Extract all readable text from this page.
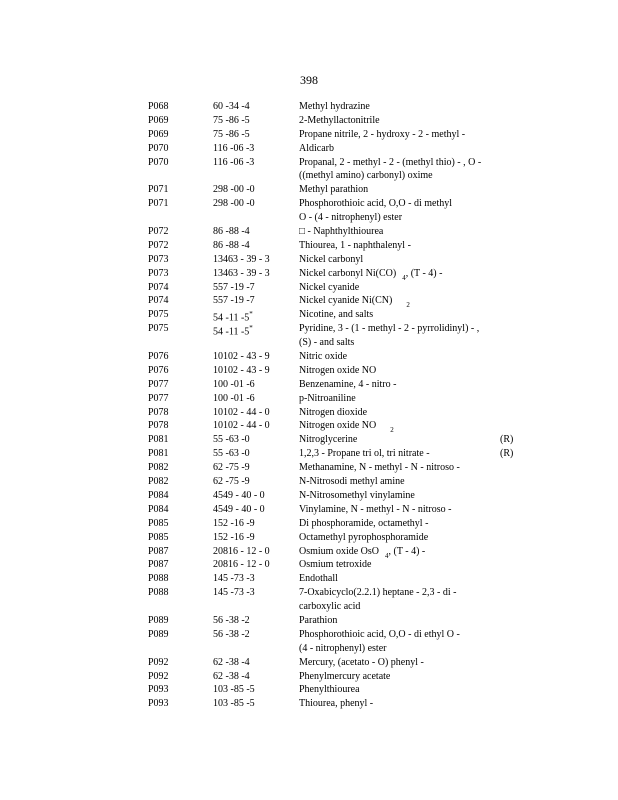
398
P068	60 -34 -4	Methyl hydrazine
P069	75 -86 -5	2-Methyllactonitrile
P069	75 -86 -5	Propane nitrile, 2 - hydroxy - 2 - methyl -
P070	116 -06 -3	Aldicarb
P070	116 -06 -3	Propanal, 2 - methyl - 2 - (methyl thio) - , O -
((methyl amino) carbonyl) oxime
P071	298 -00 -0	Methyl parathion
P071	298 -00 -0	Phosphorothioic acid, O,O - di methyl
O - (4 - nitrophenyl) ester
P072	86 -88 -4	□ - Naphthylthiourea
P072	86 -88 -4	Thiourea, 1 - naphthalenyl -
P073	13463 - 39 - 3	Nickel carbonyl
P073	13463 - 39 - 3	Nickel carbonyl Ni(CO) $_4$, (T - 4) -
P074	557 -19 -7	Nickel cyanide
P074	557 -19 -7	Nickel cyanide Ni(CN) $_2$
P075	54 -11 -5*	Nicotine, and salts
P075	54 -11 -5*	Pyridine, 3 - (1 - methyl - 2 - pyrrolidinyl) - ,
(S) - and salts
P076	10102 - 43 - 9	Nitric oxide
P076	10102 - 43 - 9	Nitrogen oxide NO
P077	100 -01 -6	Benzenamine, 4 - nitro -
P077	100 -01 -6	p-Nitroaniline
P078	10102 - 44 - 0	Nitrogen dioxide
P078	10102 - 44 - 0	Nitrogen oxide NO $_2$
P081	55 -63 -0	Nitroglycerine	(R)
P081	55 -63 -0	1,2,3 - Propane tri ol, tri nitrate -	(R)
P082	62 -75 -9	Methanamine, N - methyl - N - nitroso -
P082	62 -75 -9	N-Nitrosodi methyl amine
P084	4549 - 40 - 0	N-Nitrosomethyl vinylamine
P084	4549 - 40 - 0	Vinylamine, N - methyl - N - nitroso -
P085	152 -16 -9	Di phosphoramide, octamethyl -
P085	152 -16 -9	Octamethyl pyrophosphoramide
P087	20816 - 12 - 0	Osmium oxide OsO $_4$, (T - 4) -
P087	20816 - 12 - 0	Osmium tetroxide
P088	145 -73 -3	Endothall
P088	145 -73 -3	7-Oxabicyclo(2.2.1) heptane - 2,3 - di -
carboxylic acid
P089	56 -38 -2	Parathion
P089	56 -38 -2	Phosphorothioic acid, O,O - di ethyl O -
(4 - nitrophenyl) ester
P092	62 -38 -4	Mercury, (acetato - O) phenyl -
P092	62 -38 -4	Phenylmercury acetate
P093	103 -85 -5	Phenylthiourea
P093	103 -85 -5	Thiourea, phenyl -
